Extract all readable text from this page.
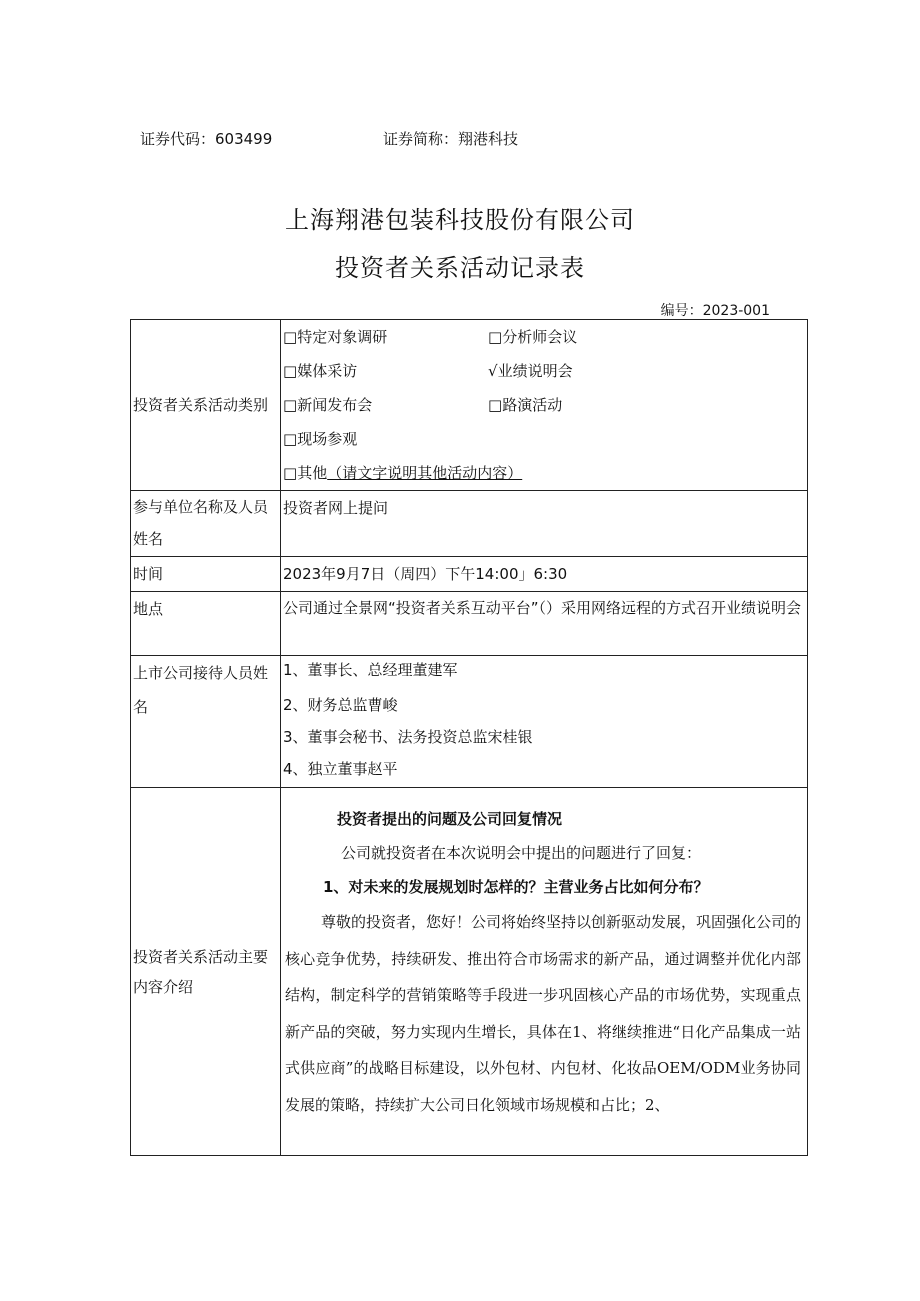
证券代码：603499	证券简称：翔港科技
上海翔港包装科技股份有限公司
投资者关系活动记录表
编号：2023-001
投资者关系活动类别	□特定对象调研 □分析师会议
□媒体采访 √业绩说明会
□新闻发布会 □路演活动
□现场参观
□其他（请文字说明其他活动内容）

参与单位名称及人员姓名	投资者网上提问

时间	2023年9月7日（周四）下午14:00」6:30

地点	公司通过全景网“投资者关系互动平台”（）采用网络远程的方式召开业绩说明会

上市公司接待人员姓名	1、董事长、总经理董建军
2、财务总监曹峻
3、董事会秘书、法务投资总监宋桂银
4、独立董事赵平

投资者关系活动主要内容介绍	投资者提出的问题及公司回复情况
公司就投资者在本次说明会中提出的问题进行了回复：
1、对未来的发展规划时怎样的？主营业务占比如何分布？
尊敬的投资者，您好！公司将始终坚持以创新驱动发展，巩固强化公司的核心竞争优势，持续研发、推出符合市场需求的新产品，通过调整并优化内部结构，制定科学的营销策略等手段进一步巩固核心产品的市场优势，实现重点新产品的突破，努力实现内生增长，具体在1、将继续推进“日化产品集成一站式供应商”的战略目标建设，以外包材、内包材、化妆品OEM/ODM业务协同发展的策略，持续扩大公司日化领域市场规模和占比；2、
